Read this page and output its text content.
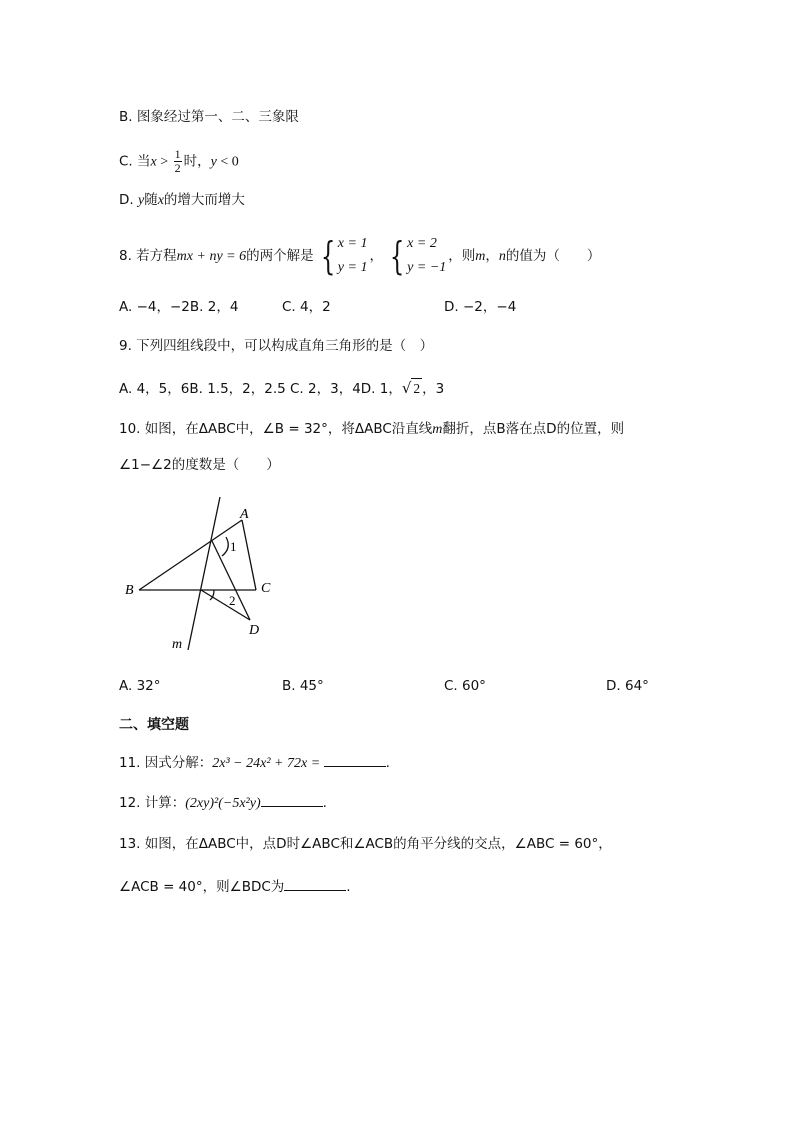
B. 图象经过第一、二、三象限
C. 当$x > \frac{1}{2}$ 时，y < 0
D. y随x的增大而增大
8. 若方程mx + ny = 6的两个解是 { x = 1
y = 1
， { x = 2
y = −1
，则m，n的值为（　　）
A. −4，−2B. 2，4	C. 4，2	D. −2，−4
9. 下列四组线段中，可以构成直角三角形的是（　）
A. 4，5，6B. 1.5，2，2.5 C. 2，3，4D. 1，√ 2 ，3
10. 如图，在ΔABC中，∠B = 32°，将ΔABC沿直线m翻折，点B落在点D的位置，则
∠1−∠2的度数是（　　）
A
B	C
D
m
1
2
A. 32°	B. 45°	C. 60°	D. 64°
二、填空题
11. 因式分解：2x³ − 24x² + 72x =	.
12. 计算：(2xy)²(−5x²y)	.
13. 如图，在ΔABC中，点D时∠ABC和∠ACB的角平分线的交点，∠ABC = 60°，
∠ACB = 40°，则∠BDC为	.
